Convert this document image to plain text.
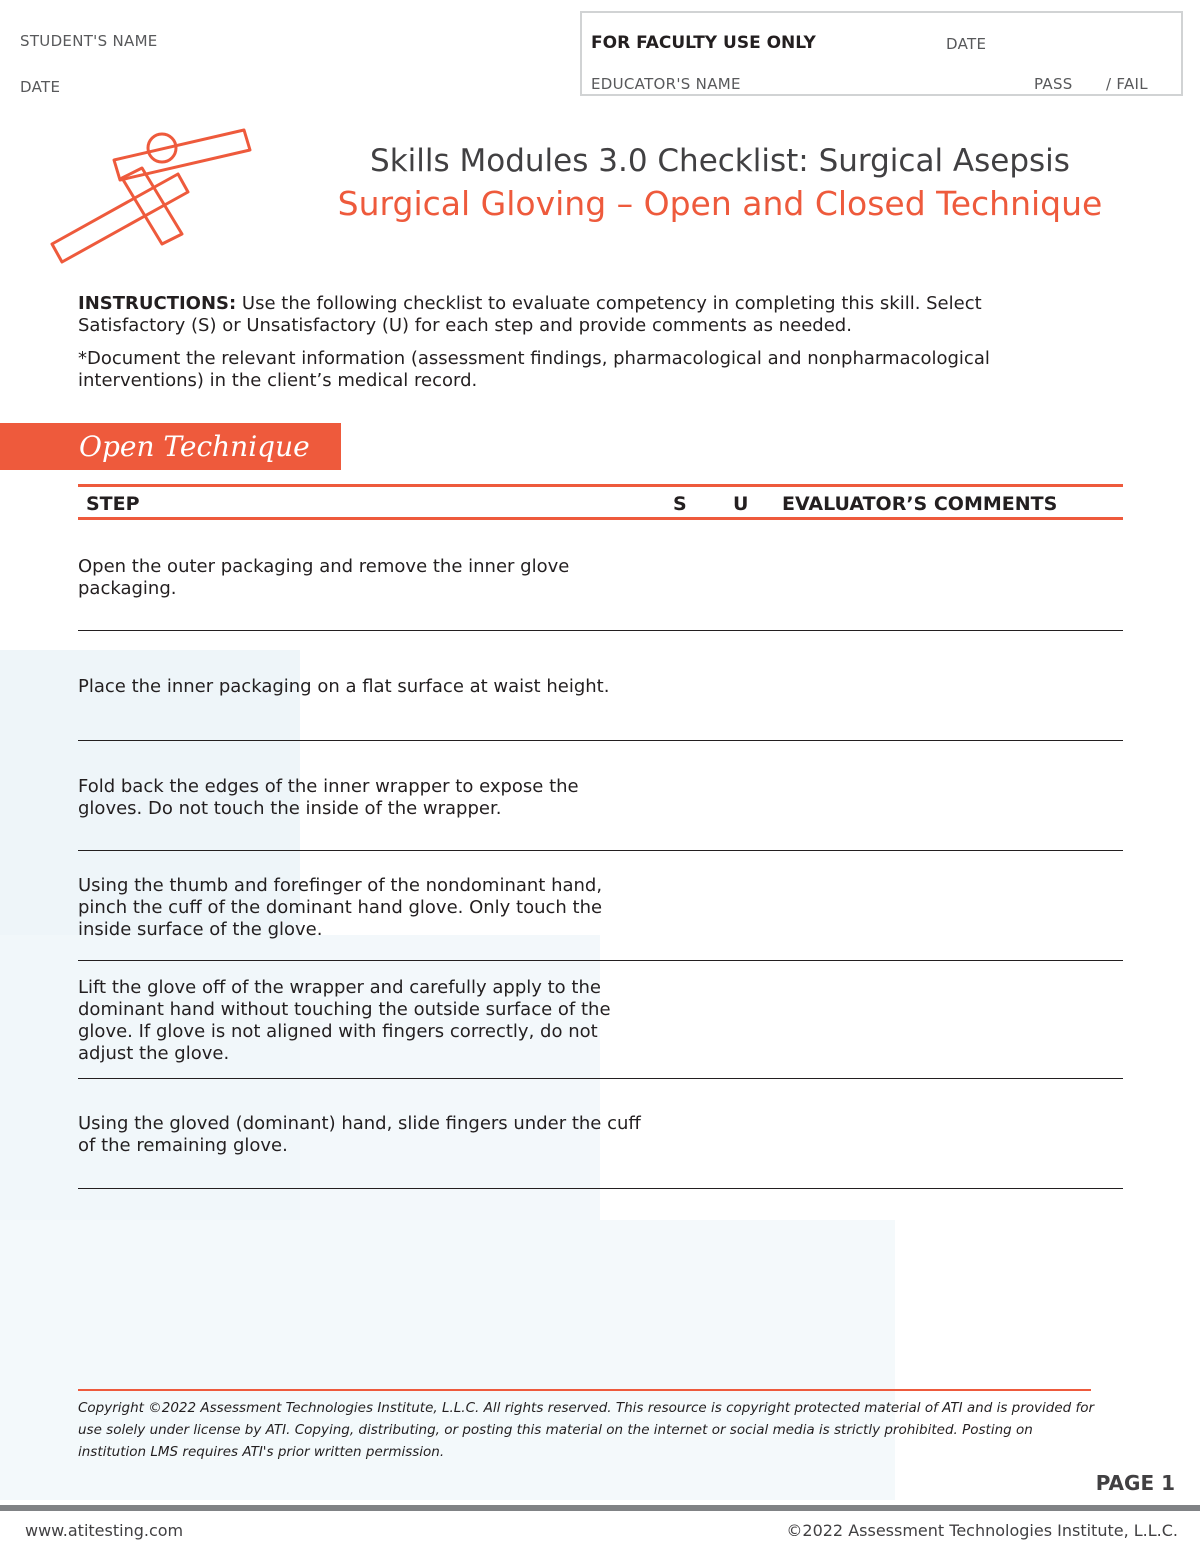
STUDENT'S NAME
DATE
FOR FACULTY USE ONLY	DATE
EDUCATOR'S NAME	PASS / FAIL
Skills Modules 3.0 Checklist: Surgical Asepsis
Surgical Gloving – Open and Closed Technique
INSTRUCTIONS: Use the following checklist to evaluate competency in completing this skill. Select Satisfactory (S) or Unsatisfactory (U) for each step and provide comments as needed.
*Document the relevant information (assessment findings, pharmacological and nonpharmacological interventions) in the client’s medical record.
Open Technique
STEP	S U EVALUATOR’S COMMENTS
Open the outer packaging and remove the inner glove packaging.
Place the inner packaging on a flat surface at waist height.
Fold back the edges of the inner wrapper to expose the gloves. Do not touch the inside of the wrapper.
Using the thumb and forefinger of the nondominant hand, pinch the cuff of the dominant hand glove. Only touch the inside surface of the glove.
Lift the glove off of the wrapper and carefully apply to the dominant hand without touching the outside surface of the glove. If glove is not aligned with fingers correctly, do not adjust the glove.
Using the gloved (dominant) hand, slide fingers under the cuff of the remaining glove.
Copyright ©2022 Assessment Technologies Institute, L.L.C. All rights reserved. This resource is copyright protected material of ATI and is provided for use solely under license by ATI. Copying, distributing, or posting this material on the internet or social media is strictly prohibited. Posting on institution LMS requires ATI's prior written permission.
PAGE 1
www.atitesting.com	©2022 Assessment Technologies Institute, L.L.C.
